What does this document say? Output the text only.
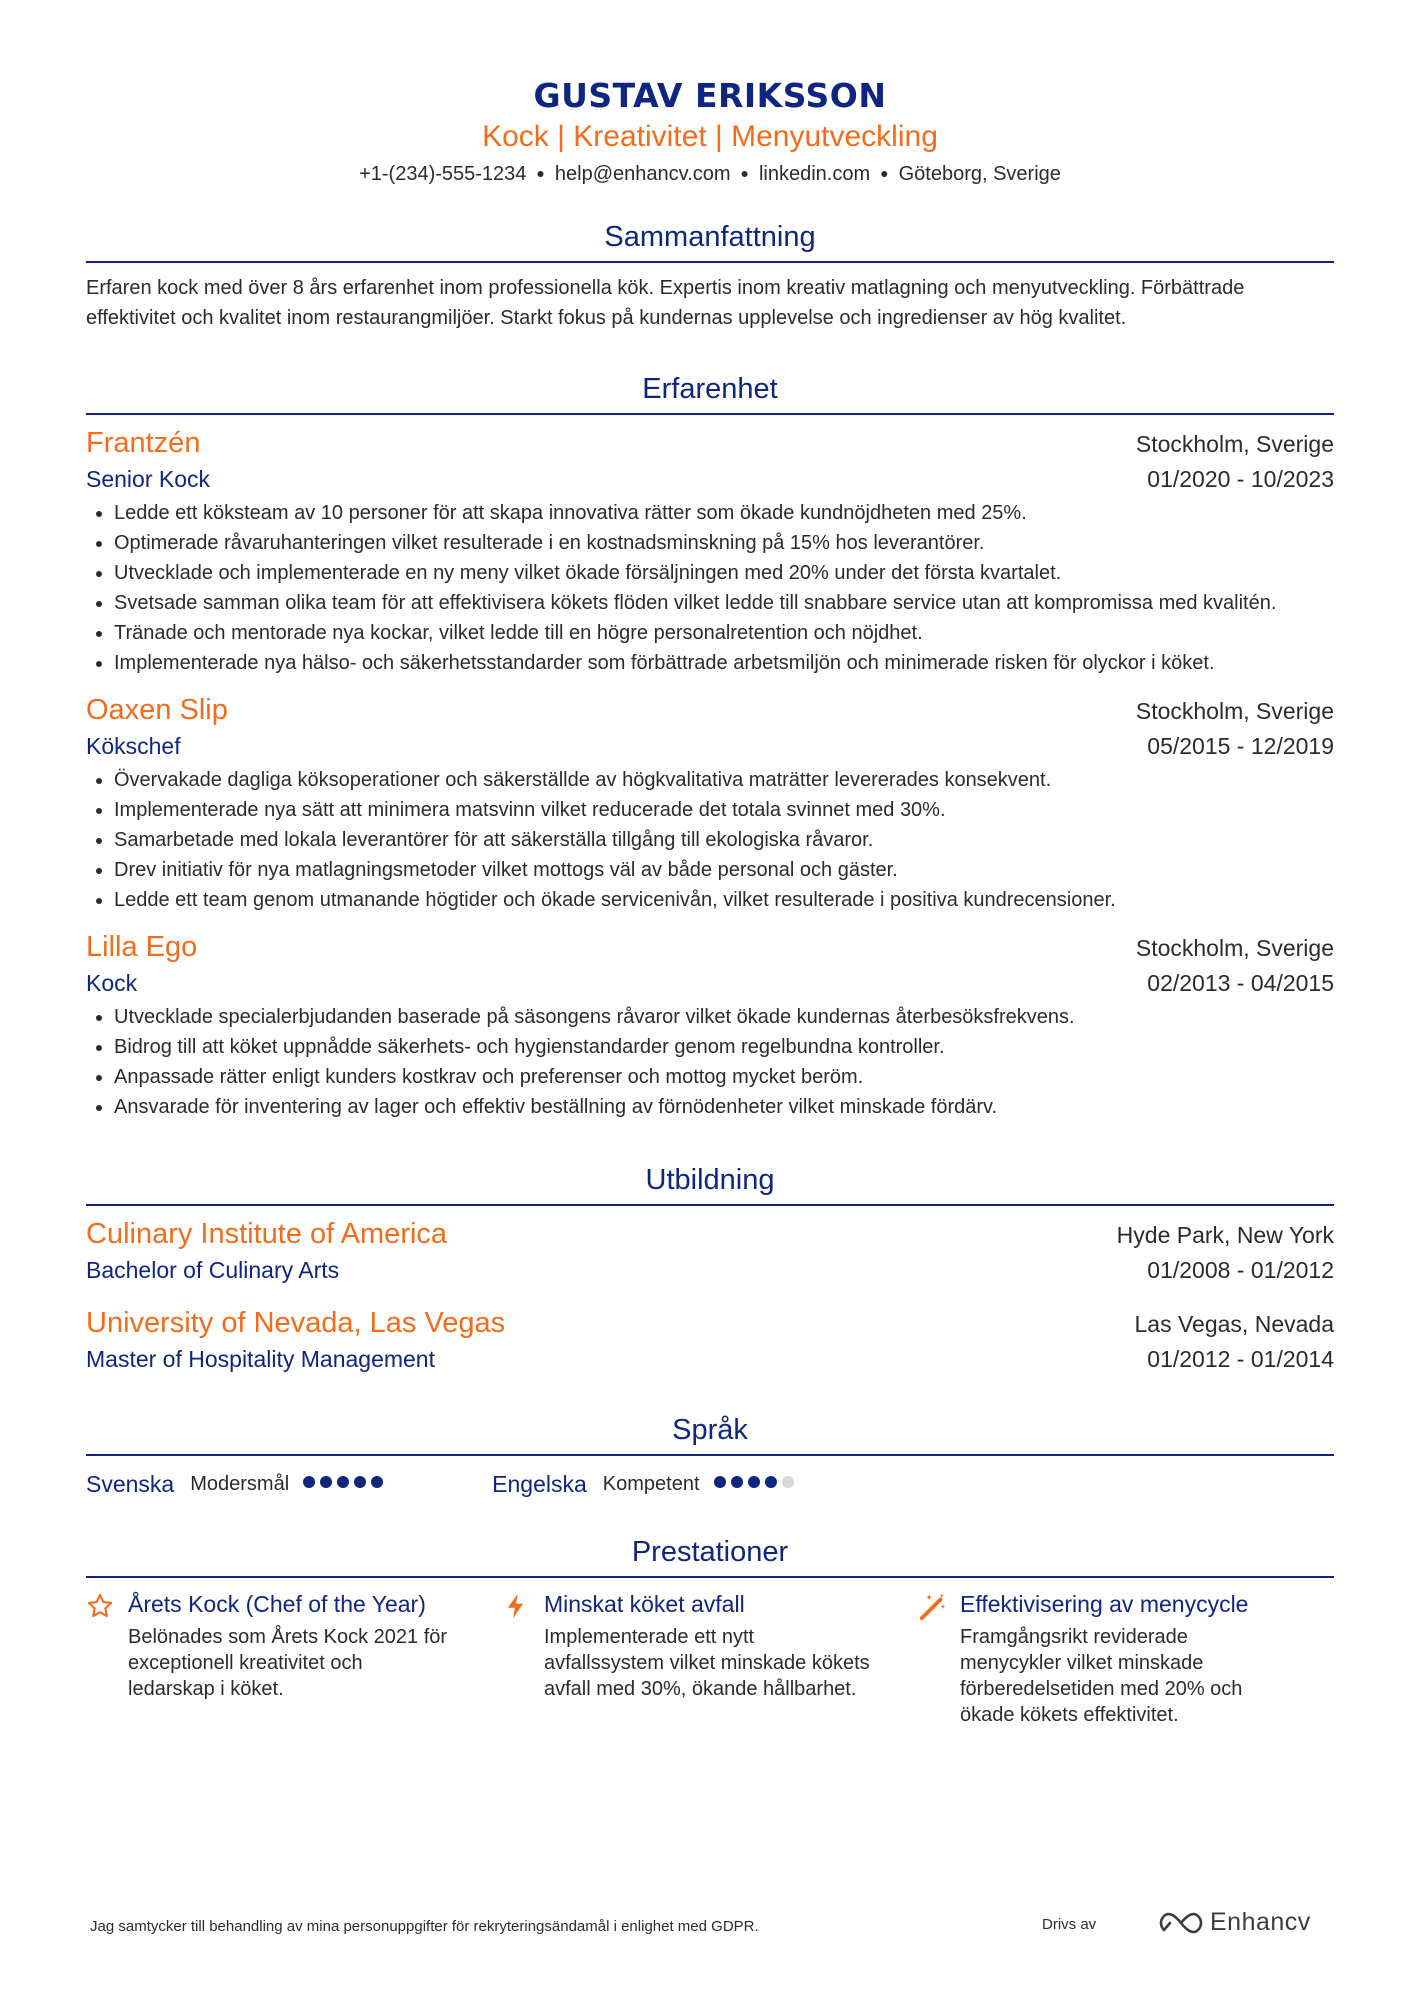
GUSTAV ERIKSSON
Kock | Kreativitet | Menyutveckling
+1-(234)-555-1234 ● help@enhancv.com ● linkedin.com ● Göteborg, Sverige
Sammanfattning
Erfaren kock med över 8 års erfarenhet inom professionella kök. Expertis inom kreativ matlagning och menyutveckling. Förbättrade effektivitet och kvalitet inom restaurangmiljöer. Starkt fokus på kundernas upplevelse och ingredienser av hög kvalitet.
Erfarenhet
Frantzén	Stockholm, Sverige
Senior Kock	01/2020 - 10/2023
• Ledde ett köksteam av 10 personer för att skapa innovativa rätter som ökade kundnöjdheten med 25%.
• Optimerade råvaruhanteringen vilket resulterade i en kostnadsminskning på 15% hos leverantörer.
• Utvecklade och implementerade en ny meny vilket ökade försäljningen med 20% under det första kvartalet.
• Svetsade samman olika team för att effektivisera kökets flöden vilket ledde till snabbare service utan att kompromissa med kvalitén.
• Tränade och mentorade nya kockar, vilket ledde till en högre personalretention och nöjdhet.
• Implementerade nya hälso- och säkerhetsstandarder som förbättrade arbetsmiljön och minimerade risken för olyckor i köket.
Oaxen Slip	Stockholm, Sverige
Kökschef	05/2015 - 12/2019
• Övervakade dagliga köksoperationer och säkerställde av högkvalitativa maträtter levererades konsekvent.
• Implementerade nya sätt att minimera matsvinn vilket reducerade det totala svinnet med 30%.
• Samarbetade med lokala leverantörer för att säkerställa tillgång till ekologiska råvaror.
• Drev initiativ för nya matlagningsmetoder vilket mottogs väl av både personal och gäster.
• Ledde ett team genom utmanande högtider och ökade servicenivån, vilket resulterade i positiva kundrecensioner.
Lilla Ego	Stockholm, Sverige
Kock	02/2013 - 04/2015
• Utvecklade specialerbjudanden baserade på säsongens råvaror vilket ökade kundernas återbesöksfrekvens.
• Bidrog till att köket uppnådde säkerhets- och hygienstandarder genom regelbundna kontroller.
• Anpassade rätter enligt kunders kostkrav och preferenser och mottog mycket beröm.
• Ansvarade för inventering av lager och effektiv beställning av förnödenheter vilket minskade fördärv.
Utbildning
Culinary Institute of America	Hyde Park, New York
Bachelor of Culinary Arts	01/2008 - 01/2012
University of Nevada, Las Vegas	Las Vegas, Nevada
Master of Hospitality Management	01/2012 - 01/2014
Språk
Svenska Modersmål	Engelska Kompetent
Prestationer
Årets Kock (Chef of the Year)
Belönades som Årets Kock 2021 för exceptionell kreativitet och ledarskap i köket.
Minskat köket avfall
Implementerade ett nytt avfallssystem vilket minskade kökets avfall med 30%, ökande hållbarhet.
Effektivisering av menycycle
Framgångsrikt reviderade menycykler vilket minskade förberedelsetiden med 20% och ökade kökets effektivitet.
Jag samtycker till behandling av mina personuppgifter för rekryteringsändamål i enlighet med GDPR.	Drivs av	Enhancv
